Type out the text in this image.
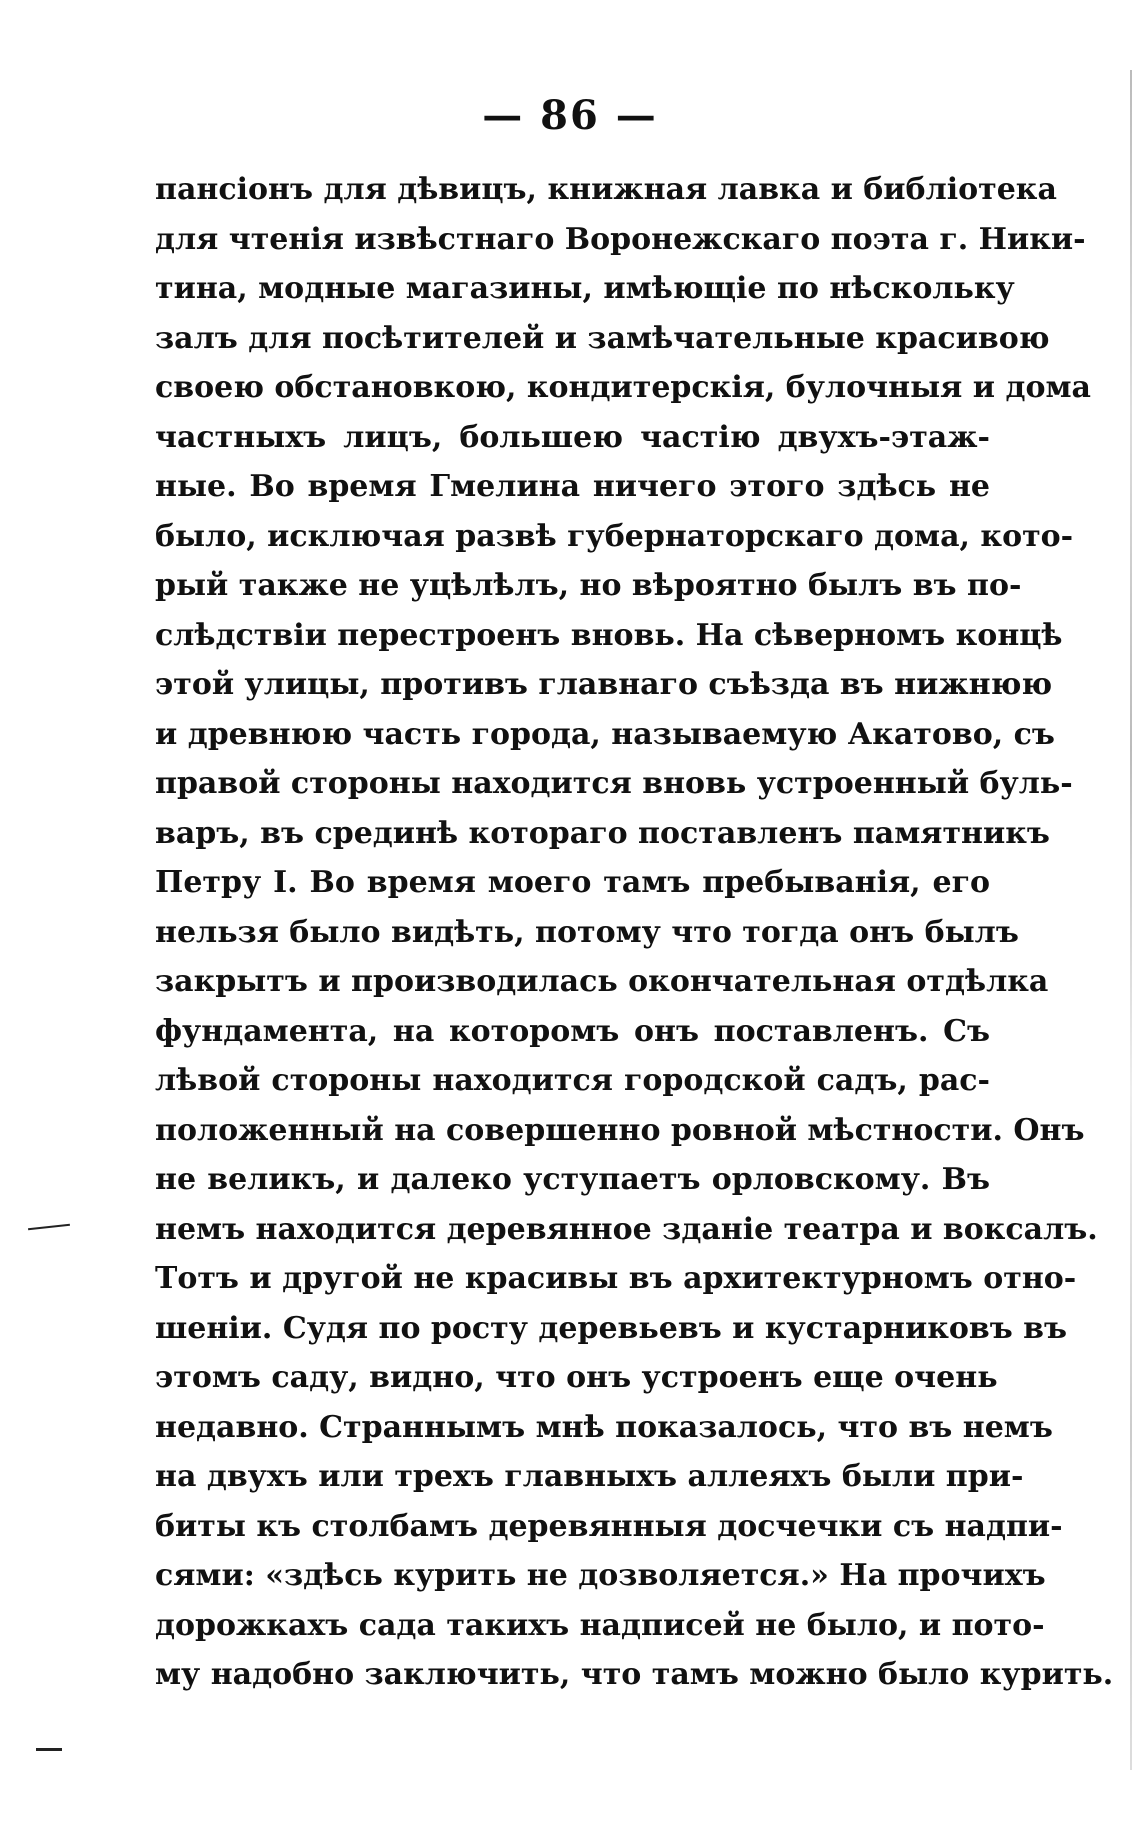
— 86 —
пансіонъ для дѣвицъ, книжная лавка и библіотека
для чтенія извѣстнаго Воронежскаго поэта г. Ники-
тина, модные магазины, имѣющіе по нѣскольку
залъ для посѣтителей и замѣчательные красивою
своею обстановкою, кондитерскія, булочныя и дома
частныхъ лицъ, большею частію двухъ-этаж-
ные. Во время Гмелина ничего этого здѣсь не
было, исключая развѣ губернаторскаго дома, кото-
рый также не уцѣлѣлъ, но вѣроятно былъ въ по-
слѣдствіи перестроенъ вновь. На сѣверномъ концѣ
этой улицы, противъ главнаго съѣзда въ нижнюю
и древнюю часть города, называемую Акатово, съ
правой стороны находится вновь устроенный буль-
варъ, въ срединѣ котораго поставленъ памятникъ
Петру I. Во время моего тамъ пребыванія, его
нельзя было видѣть, потому что тогда онъ былъ
закрытъ и производилась окончательная отдѣлка
фундамента, на которомъ онъ поставленъ. Съ
лѣвой стороны находится городской садъ, рас-
положенный на совершенно ровной мѣстности. Онъ
не великъ, и далеко уступаетъ орловскому. Въ
немъ находится деревянное зданіе театра и воксалъ.
Тотъ и другой не красивы въ архитектурномъ отно-
шеніи. Судя по росту деревьевъ и кустарниковъ въ
этомъ саду, видно, что онъ устроенъ еще очень
недавно. Страннымъ мнѣ показалось, что въ немъ
на двухъ или трехъ главныхъ аллеяхъ были при-
биты къ столбамъ деревянныя досчечки съ надпи-
сями: «здѣсь курить не дозволяется.» На прочихъ
дорожкахъ сада такихъ надписей не было, и пото-
му надобно заключить, что тамъ можно было курить.
